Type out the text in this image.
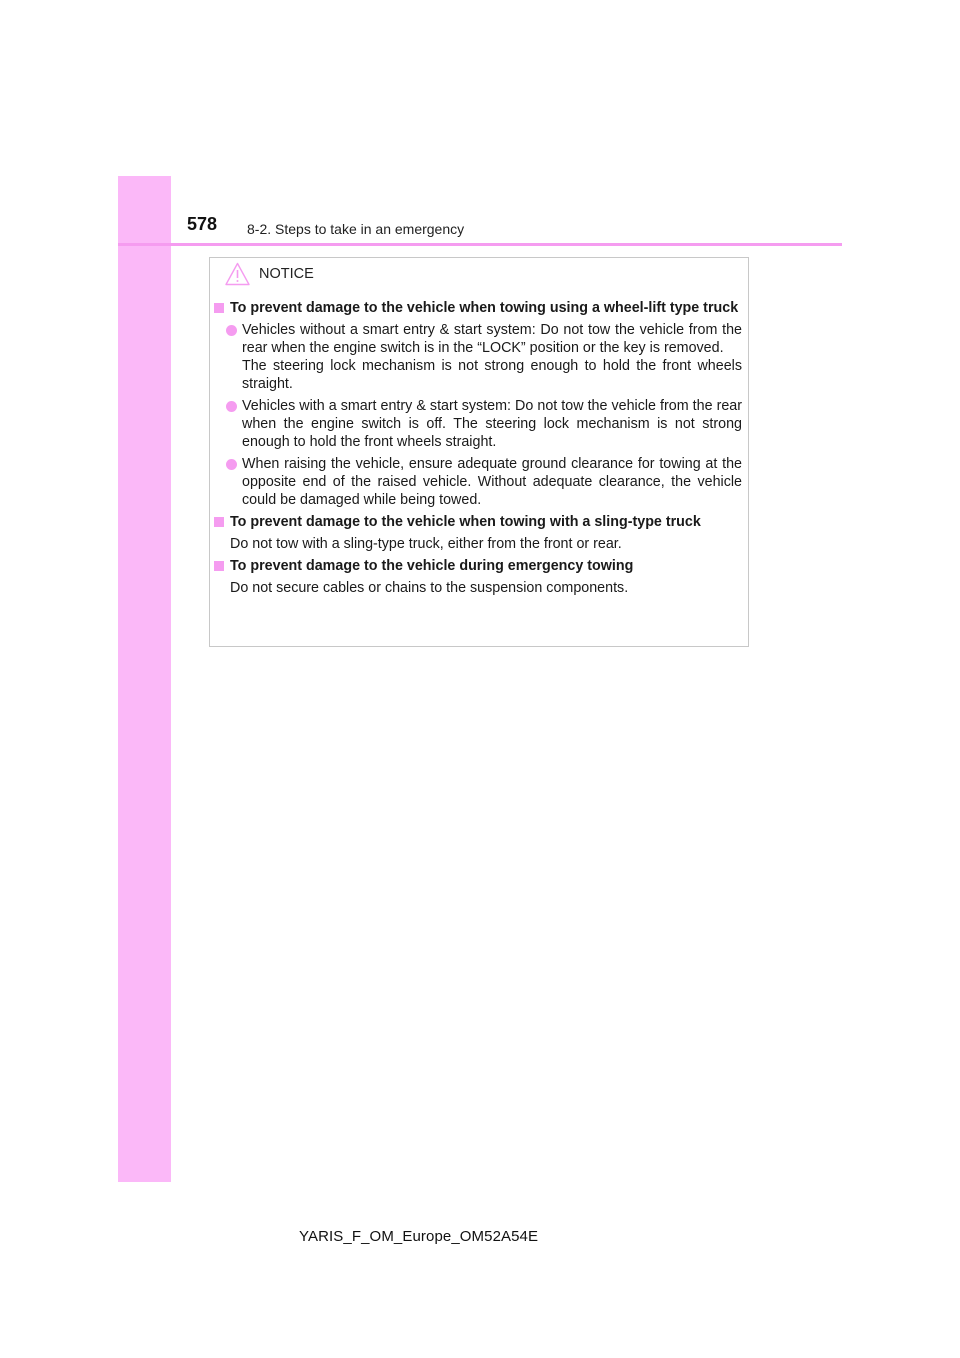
578 8-2. Steps to take in an emergency
NOTICE
To prevent damage to the vehicle when towing using a wheel-lift type truck
Vehicles without a smart entry & start system: Do not tow the vehicle from the rear when the engine switch is in the “LOCK” position or the key is removed.
The steering lock mechanism is not strong enough to hold the front wheels straight.
Vehicles with a smart entry & start system: Do not tow the vehicle from the rear when the engine switch is off. The steering lock mechanism is not strong enough to hold the front wheels straight.
When raising the vehicle, ensure adequate ground clearance for towing at the opposite end of the raised vehicle. Without adequate clearance, the vehicle could be damaged while being towed.
To prevent damage to the vehicle when towing with a sling-type truck
Do not tow with a sling-type truck, either from the front or rear.
To prevent damage to the vehicle during emergency towing
Do not secure cables or chains to the suspension components.
YARIS_F_OM_Europe_OM52A54E
